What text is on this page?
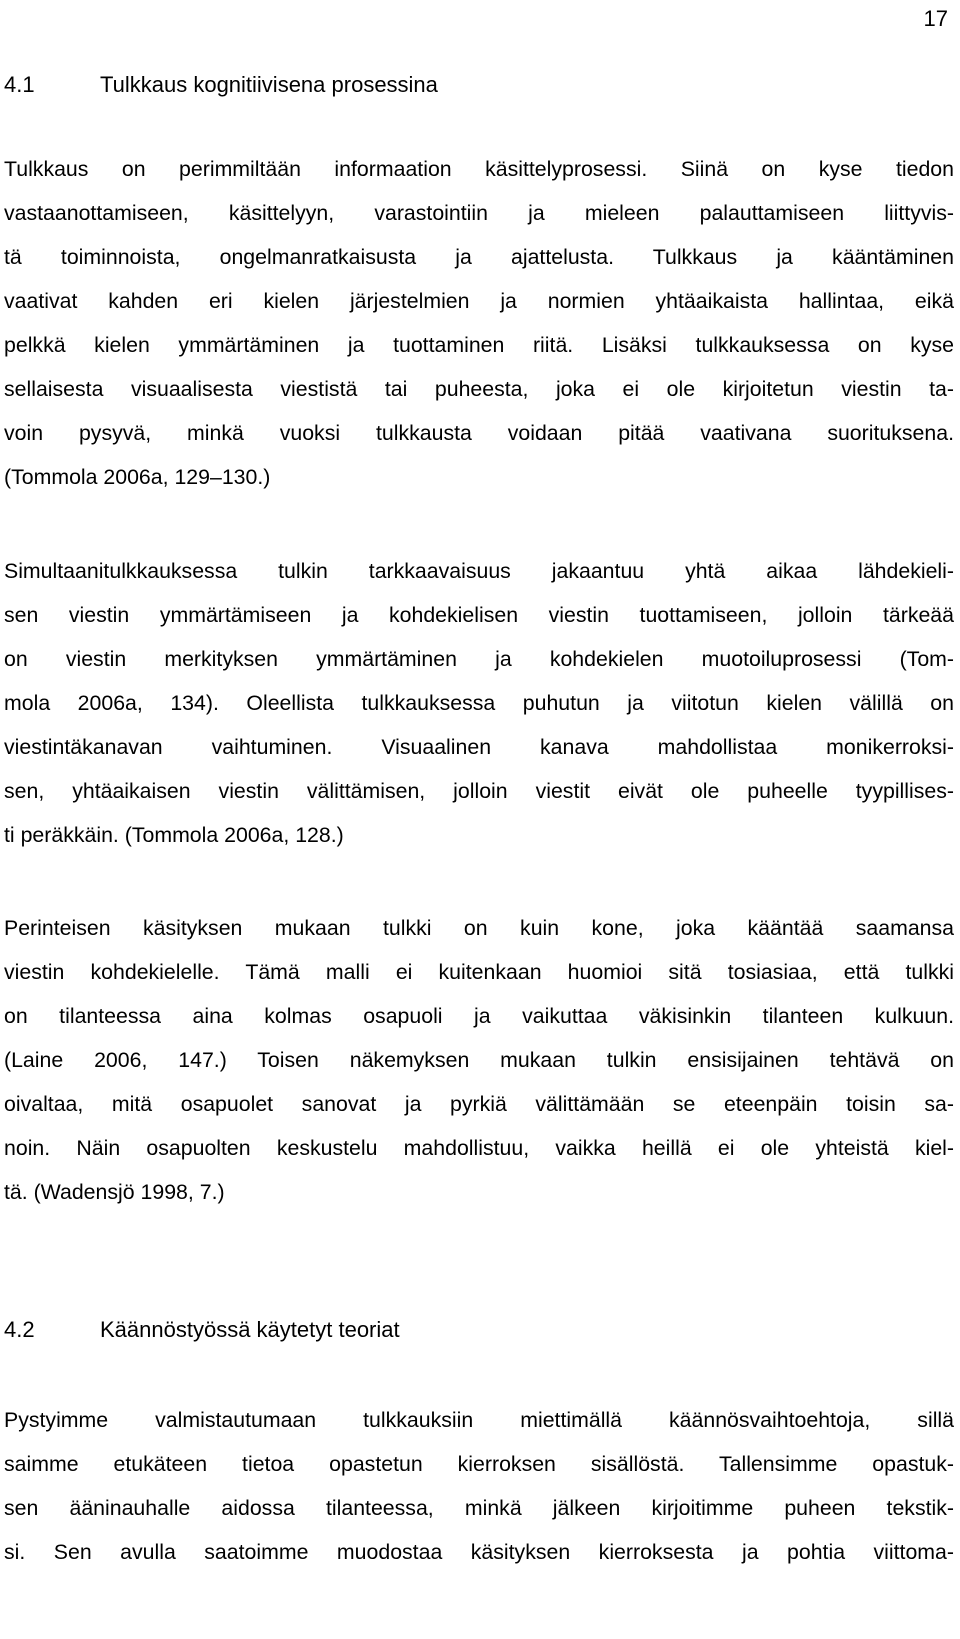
17
4.1	Tulkkaus kognitiivisena prosessina
Tulkkaus on perimmiltään informaation käsittelyprosessi. Siinä on kyse tiedon
vastaanottamiseen, käsittelyyn, varastointiin ja mieleen palauttamiseen liittyvis-
tä toiminnoista, ongelmanratkaisusta ja ajattelusta. Tulkkaus ja kääntäminen
vaativat kahden eri kielen järjestelmien ja normien yhtäaikaista hallintaa, eikä
pelkkä kielen ymmärtäminen ja tuottaminen riitä. Lisäksi tulkkauksessa on kyse
sellaisesta visuaalisesta viestistä tai puheesta, joka ei ole kirjoitetun viestin ta-
voin pysyvä, minkä vuoksi tulkkausta voidaan pitää vaativana suorituksena.
(Tommola 2006a, 129–130.)
Simultaanitulkkauksessa tulkin tarkkaavaisuus jakaantuu yhtä aikaa lähdekieli-
sen viestin ymmärtämiseen ja kohdekielisen viestin tuottamiseen, jolloin tärkeää
on viestin merkityksen ymmärtäminen ja kohdekielen muotoiluprosessi (Tom-
mola 2006a, 134). Oleellista tulkkauksessa puhutun ja viitotun kielen välillä on
viestintäkanavan vaihtuminen. Visuaalinen kanava mahdollistaa monikerroksi-
sen, yhtäaikaisen viestin välittämisen, jolloin viestit eivät ole puheelle tyypillises-
ti peräkkäin. (Tommola 2006a, 128.)
Perinteisen käsityksen mukaan tulkki on kuin kone, joka kääntää saamansa
viestin kohdekielelle. Tämä malli ei kuitenkaan huomioi sitä tosiasiaa, että tulkki
on tilanteessa aina kolmas osapuoli ja vaikuttaa väkisinkin tilanteen kulkuun.
(Laine 2006, 147.) Toisen näkemyksen mukaan tulkin ensisijainen tehtävä on
oivaltaa, mitä osapuolet sanovat ja pyrkiä välittämään se eteenpäin toisin sa-
noin. Näin osapuolten keskustelu mahdollistuu, vaikka heillä ei ole yhteistä kiel-
tä. (Wadensjö 1998, 7.)
4.2	Käännöstyössä käytetyt teoriat
Pystyimme valmistautumaan tulkkauksiin miettimällä käännösvaihtoehtoja, sillä
saimme etukäteen tietoa opastetun kierroksen sisällöstä. Tallensimme opastuk-
sen ääninauhalle aidossa tilanteessa, minkä jälkeen kirjoitimme puheen tekstik-
si. Sen avulla saatoimme muodostaa käsityksen kierroksesta ja pohtia viittoma-
